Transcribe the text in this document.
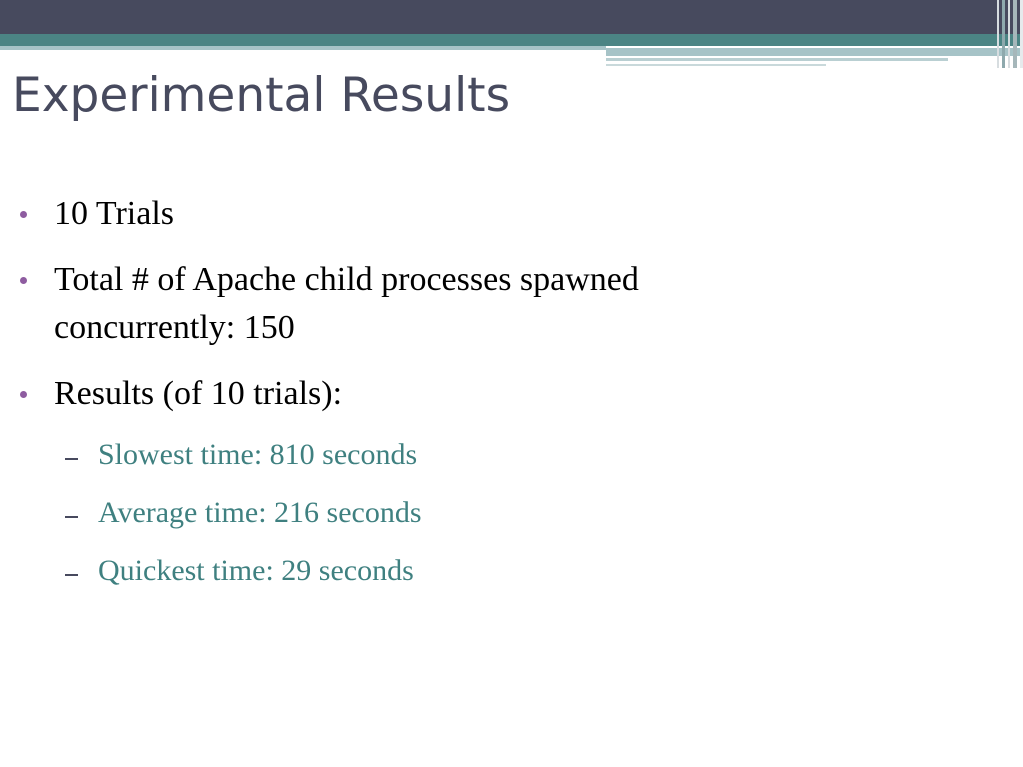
Experimental Results
10 Trials
Total # of Apache child processes spawned concurrently: 150
Results (of 10 trials):
Slowest time: 810 seconds
Average time: 216 seconds
Quickest time: 29 seconds
